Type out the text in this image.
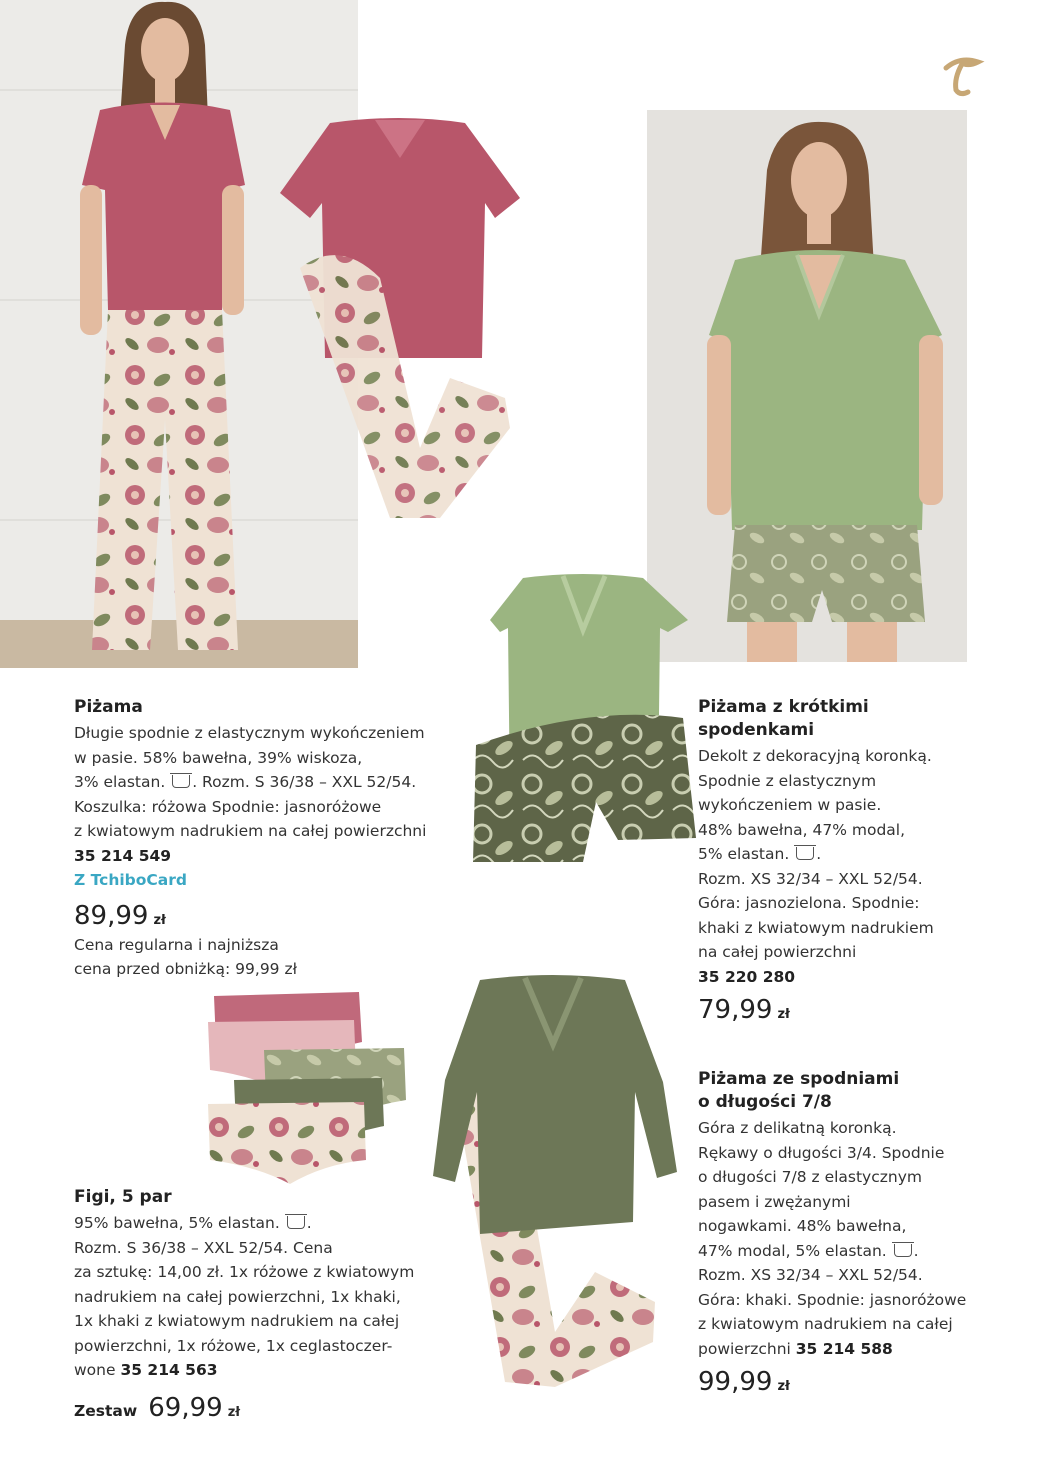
Piżama
Długie spodnie z elastycznym wykończeniem
w pasie. 58% bawełna, 39% wiskoza,
3% elastan. . Rozm. S 36/38 – XXL 52/54.
Koszulka: różowa Spodnie: jasnoróżowe
z kwiatowym nadrukiem na całej powierzchni
35 214 549
Z TchiboCard
89,99 zł
Cena regularna i najniższa
cena przed obniżką: 99,99 zł
Piżama z krótkimi
spodenkami
Dekolt z dekoracyjną koronką.
Spodnie z elastycznym
wykończeniem w pasie.
48% bawełna, 47% modal,
5% elastan. .
Rozm. XS 32/34 – XXL 52/54.
Góra: jasnozielona. Spodnie:
khaki z kwiatowym nadrukiem
na całej powierzchni
35 220 280
79,99 zł
Piżama ze spodniami
o długości 7/8
Góra z delikatną koronką.
Rękawy o długości 3/4. Spodnie
o długości 7/8 z elastycznym
pasem i zwężanymi
nogawkami. 48% bawełna,
47% modal, 5% elastan. .
Rozm. XS 32/34 – XXL 52/54.
Góra: khaki. Spodnie: jasnoróżowe
z kwiatowym nadrukiem na całej
powierzchni 35 214 588
99,99 zł
Figi, 5 par
95% bawełna, 5% elastan. .
Rozm. S 36/38 – XXL 52/54. Cena
za sztukę: 14,00 zł. 1x różowe z kwiatowym
nadrukiem na całej powierzchni, 1x khaki,
1x khaki z kwiatowym nadrukiem na całej
powierzchni, 1x różowe, 1x ceglastoczer-
wone 35 214 563
Zestaw 69,99 zł
